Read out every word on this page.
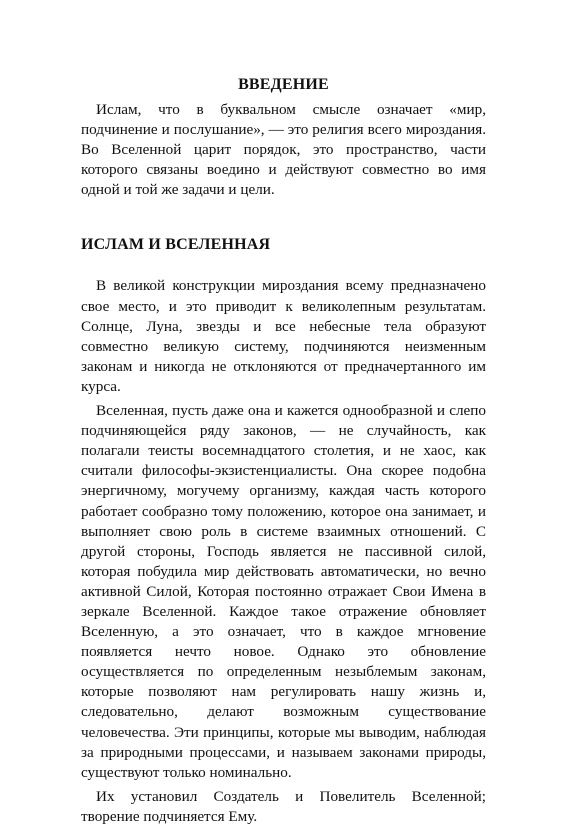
ВВЕДЕНИЕ

Ислам, что в буквальном смысле означает «мир, подчинение и послушание», — это религия всего мироздания. Во Вселенной царит порядок, это пространство, части которого связаны воедино и действуют совместно во имя одной и той же задачи и цели.

ИСЛАМ И ВСЕЛЕННАЯ

В великой конструкции мироздания всему предназначено свое место, и это приводит к великолепным результатам. Солнце, Луна, звезды и все небесные тела образуют совместно великую систему, подчиняются неизменным законам и никогда не отклоняются от предначертанного им курса.

Вселенная, пусть даже она и кажется однообразной и слепо подчиняющейся ряду законов, — не случайность, как полагали теисты восемнадцатого столетия, и не хаос, как считали философы-экзистенциалисты. Она скорее подобна энергичному, могучему организму, каждая часть которого работает сообразно тому положению, которое она занимает, и выполняет свою роль в системе взаимных отношений. С другой стороны, Господь является не пассивной силой, которая побудила мир действовать автоматически, но вечно активной Силой, Которая постоянно отражает Свои Имена в зеркале Вселенной. Каждое такое отражение обновляет Вселенную, а это означает, что в каждое мгновение появляется нечто новое. Однако это обновление осуществляется по определенным незыблемым законам, которые позволяют нам регулировать нашу жизнь и, следовательно, делают возможным существование человечества. Эти принципы, которые мы выводим, наблюдая за природными процессами, и называем законами природы, существуют только номинально.

Их установил Создатель и Повелитель Вселенной; творение подчиняется Ему.
